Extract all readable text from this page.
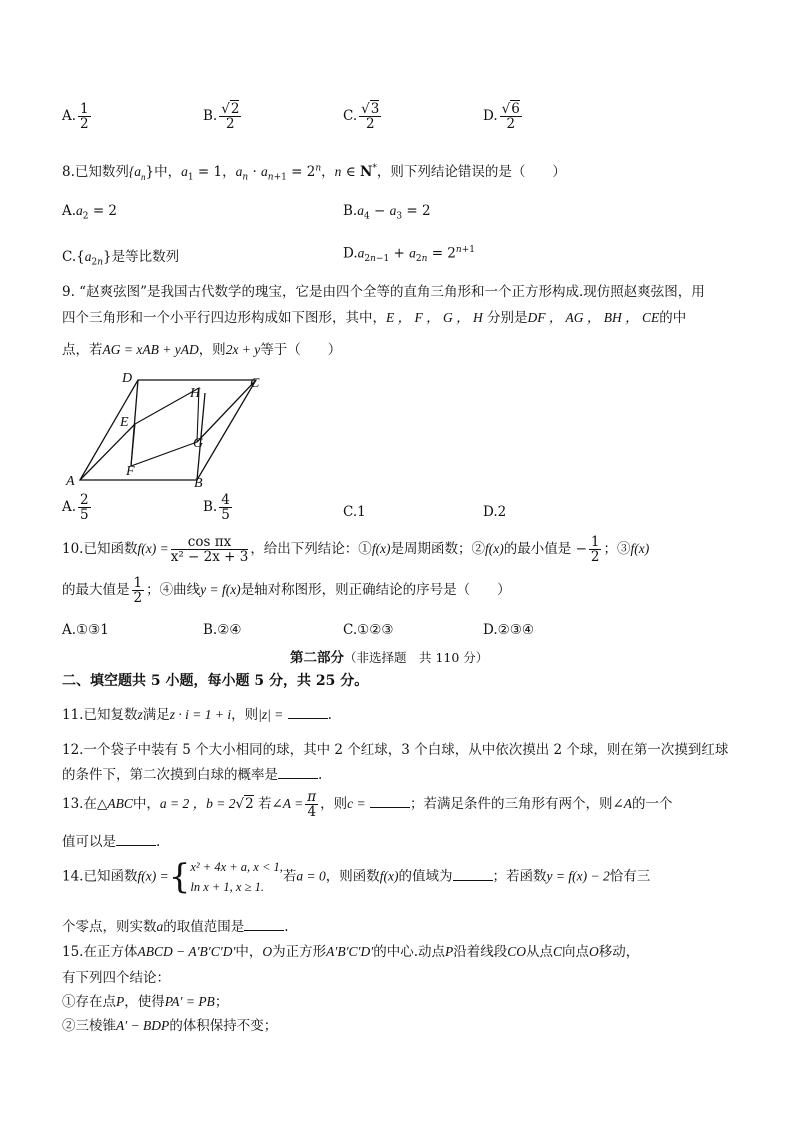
A. $\frac{1}{2}$	B. $\frac{√2}{2}$	C. $\frac{√3}{2}$	D. $\frac{√6}{2}$
8.已知数列$\{a_n\}$中，$a_1 = 1$，$a_n \cdot a_{n+1} = 2^n$，n ∈ N*，则下列结论错误的是（　　）
$A.a_2 = 2$	$B.a_4 - a_3 = 2$
$C.\{a_{2n}\}$是等比数列	$D.a_{2n-1} + a_{2n} = 2^{n+1}$
9. “赵爽弦图”是我国古代数学的瑰宝，它是由四个全等的直角三角形和一个正方形构成.现仿照赵爽弦图，用
四个三角形和一个小平行四边形构成如下图形，其中，E ， F ， G ， H 分别是DF ， AG ， BH ， CE的中
点，若AG = xAB + yAD，则2x + y等于（　　）
A	B
C
D
E
F
G
H
A. $\frac{2}{5}$	B. $\frac{4}{5}$	C.1	D.2
10.已知函数$f(x) = \frac{\text{cos πx}}{\text{x² − 2x + 3}}$ ，给出下列结论：①f(x)是周期函数；②f(x)的最小值是 − $\frac{1}{2}$ ；③f(x)
的最大值是 $\frac{1}{2}$ ；④曲线y = f(x)是轴对称图形，则正确结论的序号是（　　）
A.①③1	B.②④	C.①②③	D.②③④
第二部分（非选择题　共 110 分）
二、填空题共 5 小题，每小题 5 分，共 25 分。
11.已知复数z满足z · i = 1 + i，则|z| =	.
12.一个袋子中装有 5 个大小相同的球，其中 2 个红球，3 个白球，从中依次摸出 2 个球，则在第一次摸到红球
的条件下，第二次摸到白球的概率是	.
13.在△ABC中，a = 2 ，b = 2√2 若∠A = $\frac{\pi}{4}$ ，则c =	；若满足条件的三角形有两个，则∠A的一个
值可以是	.
14.已知函数f(x) ={x² + 4x + a, x < 1,
ln x + 1, x ≥ 1.若a = 0，则函数f(x)的值域为	；若函数y = f(x) − 2恰有三
个零点，则实数a的取值范围是	.
15.在正方体ABCD − A′B′C′D′中，O为正方形A′B′C′D′的中心.动点P沿着线段CO从点C向点O移动，
有下列四个结论：
①存在点P，使得PA′ = PB；
②三棱锥A′ − BDP的体积保持不变；
